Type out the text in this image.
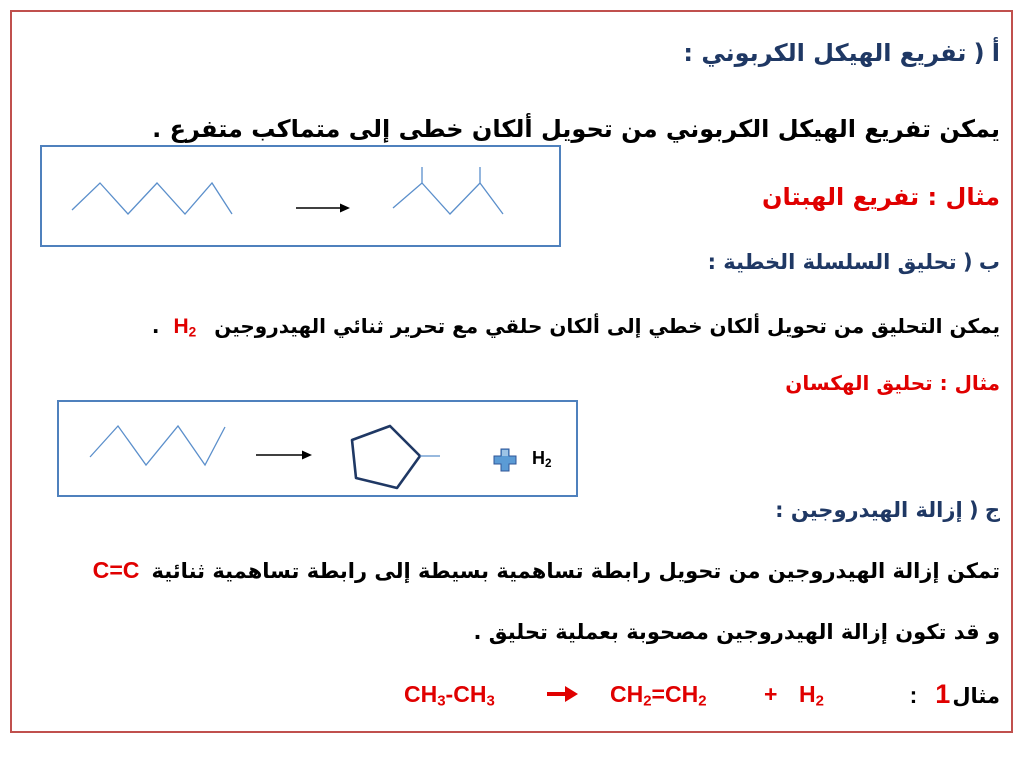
أ)تفريع الهيكل الكربوني :
يمكن تفريع الهيكل الكربوني من تحويل ألكان خطى إلى متماكب متفرع .
مثال : تفريع الهبتان
ب)تحليق السلسلة الخطية :
يمكن التحليق من تحويل ألكان خطي إلى ألكان حلقي مع تحرير ثنائي الهيدروجينH$_2$.
مثال : تحليق الهكسان
$H_2$
ج)إزالة الهيدروجين :
تمكن إزالة الهيدروجين من تحويل رابطة تساهمية بسيطة إلى رابطة تساهمية ثنائيةC=C
و قد تكون إزالة الهيدروجين مصحوبة بعملية تحليق .
مثال1:
$CH_3-CH_3$	$CH_2=CH_2 + H_2$
